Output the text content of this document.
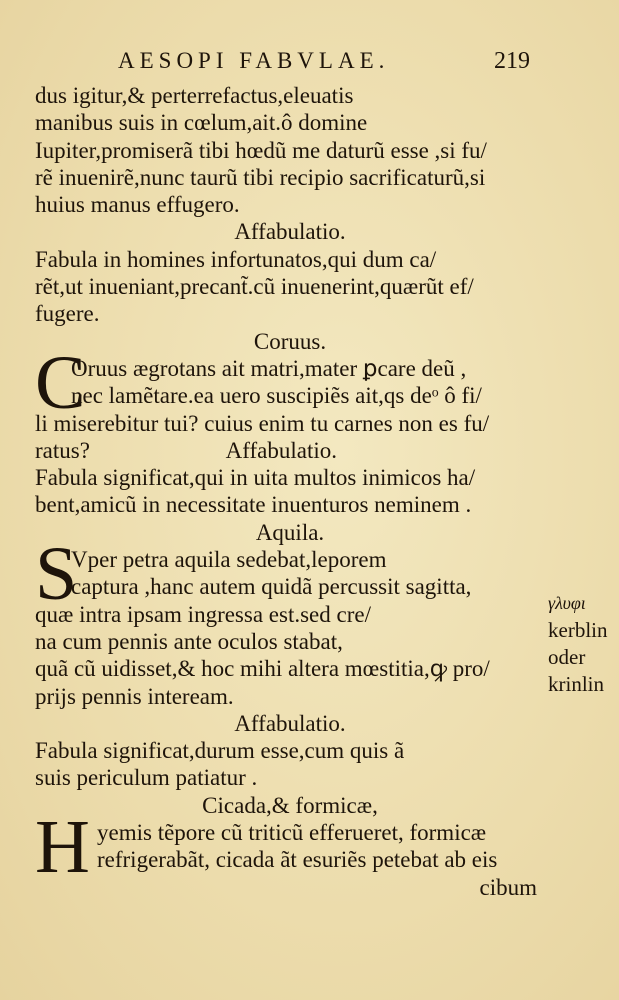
AESOPI FABVLAE.	219
dus igitur,& perterrefactus,eleuatis
manibus suis in cœlum,ait.ô domine
Iupiter,promiserã tibi hœdũ me daturũ esse ,si fu/
rẽ inuenirẽ,nunc taurũ tibi recipio sacrificaturũ,si
huius manus effugero.
Affabulatio.
Fabula in homines infortunatos,qui dum ca/
rẽt,ut inueniant,precant̃.cũ inuenerint,quærũt ef/
fugere.
Coruus.
C
Oruus ægrotans ait matri,mater ꝑcare deũ ,
nec lamẽtare.ea uero suscipiẽs ait,qs deᵒ ô fi/
li miserebitur tui? cuius enim tu carnes non es fu/
ratus?	Affabulatio.
Fabula significat,qui in uita multos inimicos ha/
bent,amicũ in necessitate inuenturos neminem .
Aquila.
S
Vper petra aquila sedebat,leporem
captura ,hanc autem quidã percussit sagitta,
quæ intra ipsam ingressa est.sed cre/
na cum pennis ante oculos stabat,
quã cũ uidisset,& hoc mihi altera mœstitia,ꝙ pro/
prijs pennis inteream.
Affabulatio.
Fabula significat,durum esse,cum quis ã
suis periculum patiatur .
Cicada,& formicæ,
H yemis tẽpore cũ triticũ efferueret, formicæ
refrigerabãt, cicada ãt esuriẽs petebat ab eis
cibum
γλυφι
kerblin
oder
krinlin
